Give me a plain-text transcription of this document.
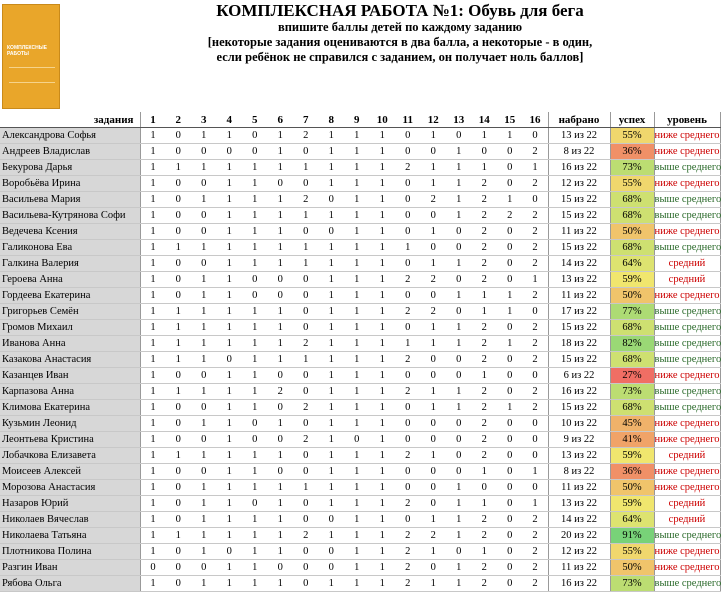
КОМПЛЕКСНЫЕ РАБОТЫ
КОМПЛЕКСНАЯ РАБОТА №1: Обувь для бега
впишите баллы детей по каждому заданию
[некоторые задания оцениваются в два балла, а некоторые - в один,
если ребёнок не справился с заданием, он получает ноль баллов]
задания	1	2	3	4	5	6	7	8	9	10	11	12	13	14	15	16	набрано	успех	уровень
Александрова Софья	1	0	1	1	0	1	2	1	1	1	0	1	0	1	1	0	13 из 22	55%	ниже среднего
Андреев Владислав	1	0	0	0	0	1	0	1	1	1	0	0	1	0	0	2	8 из 22	36%	ниже среднего
Бекурова Дарья	1	1	1	1	1	1	1	1	1	1	2	1	1	1	0	1	16 из 22	73%	выше среднего
Воробьёва Ирина	1	0	0	1	1	0	0	1	1	1	0	1	1	2	0	2	12 из 22	55%	ниже среднего
Васильева Мария	1	0	1	1	1	1	2	0	1	1	0	2	1	2	1	0	15 из 22	68%	выше среднего
Васильева-Кутрянова Софи	1	0	0	1	1	1	1	1	1	1	0	0	1	2	2	2	15 из 22	68%	выше среднего
Ведечева Ксения	1	0	0	1	1	1	0	0	1	1	0	1	0	2	0	2	11 из 22	50%	ниже среднего
Галиконова Ева	1	1	1	1	1	1	1	1	1	1	1	0	0	2	0	2	15 из 22	68%	выше среднего
Галкина Валерия	1	0	0	1	1	1	1	1	1	1	0	1	1	2	0	2	14 из 22	64%	средний
Героева Анна	1	0	1	1	0	0	0	1	1	1	2	2	0	2	0	1	13 из 22	59%	средний
Гордеева Екатерина	1	0	1	1	0	0	0	1	1	1	0	0	1	1	1	2	11 из 22	50%	ниже среднего
Григорьев Семён	1	1	1	1	1	1	0	1	1	1	2	2	0	1	1	0	17 из 22	77%	выше среднего
Громов Михаил	1	1	1	1	1	1	0	1	1	1	0	1	1	2	0	2	15 из 22	68%	выше среднего
Иванова Анна	1	1	1	1	1	1	2	1	1	1	1	1	1	2	1	2	18 из 22	82%	выше среднего
Казакова Анастасия	1	1	1	0	1	1	1	1	1	1	2	0	0	2	0	2	15 из 22	68%	выше среднего
Казанцев Иван	1	0	0	1	1	0	0	1	1	1	0	0	0	1	0	0	6 из 22	27%	ниже среднего
Карпазова Анна	1	1	1	1	1	2	0	1	1	1	2	1	1	2	0	2	16 из 22	73%	выше среднего
Климова Екатерина	1	0	0	1	1	0	2	1	1	1	0	1	1	2	1	2	15 из 22	68%	выше среднего
Кузьмин Леонид	1	0	1	1	0	1	0	1	1	1	0	0	0	2	0	0	10 из 22	45%	ниже среднего
Леонтьева Кристина	1	0	0	1	0	0	2	1	0	1	0	0	0	2	0	0	9 из 22	41%	ниже среднего
Лобачкова Елизавета	1	1	1	1	1	1	0	1	1	1	2	1	0	2	0	0	13 из 22	59%	средний
Моисеев Алексей	1	0	0	1	1	0	0	1	1	1	0	0	0	1	0	1	8 из 22	36%	ниже среднего
Морозова Анастасия	1	0	1	1	1	1	1	1	1	1	0	0	1	0	0	0	11 из 22	50%	ниже среднего
Назаров Юрий	1	0	1	1	0	1	0	1	1	1	2	0	1	1	0	1	13 из 22	59%	средний
Николаев Вячеслав	1	0	1	1	1	1	0	0	1	1	0	1	1	2	0	2	14 из 22	64%	средний
Николаева Татьяна	1	1	1	1	1	1	2	1	1	1	2	2	1	2	0	2	20 из 22	91%	выше среднего
Плотникова Полина	1	0	1	0	1	1	0	0	1	1	2	1	0	1	0	2	12 из 22	55%	ниже среднего
Разгин Иван	0	0	0	1	1	0	0	0	1	1	2	0	1	2	0	2	11 из 22	50%	ниже среднего
Рябова Ольга	1	0	1	1	1	1	0	1	1	1	2	1	1	2	0	2	16 из 22	73%	выше среднего
